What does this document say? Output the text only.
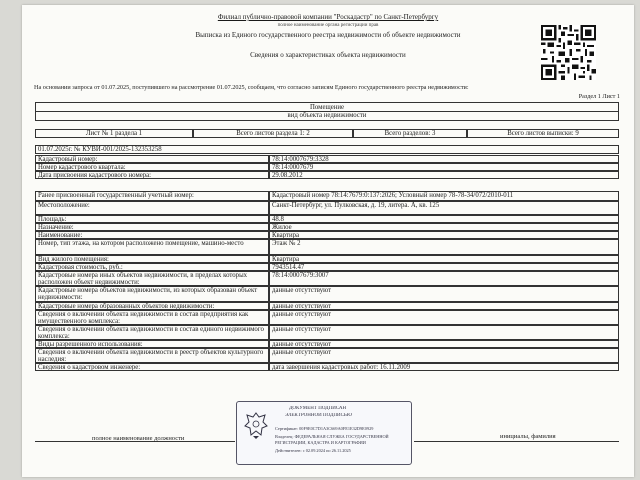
Филиал публично-правовой компании "Роскадастр" по Санкт-Петербургу
полное наименование органа регистрации прав
Выписка из Единого государственного реестра недвижимости об объекте недвижимости
Сведения о характеристиках объекта недвижимости
На основании запроса от 01.07.2025, поступившего на рассмотрение 01.07.2025, сообщаем, что согласно записям Единого государственного реестра недвижимости:
Раздел 1 Лист 1
Помещение
вид объекта недвижимости
Лист № 1 раздела 1	Всего листов раздела 1: 2	Всего разделов: 3	Всего листов выписки: 9
01.07.2025г. № КУВИ-001/2025-132353258
полное наименование должности	инициалы, фамилия
ДОКУМЕНТ ПОДПИСАН
ЭЛЕКТРОННОЙ ПОДПИСЬЮ
Сертификат: 00F9E0C7D1A3C669A0FE1E32D9E0929
Владелец: ФЕДЕРАЛЬНАЯ СЛУЖБА ГОСУДАРСТВЕННОЙ
РЕГИСТРАЦИИ, КАДАСТРА И КАРТОГРАФИИ
Действителен: с 02.09.2024 по 26.11.2025
Кадастровый номер:	78:14:0007679:3328
Номер кадастрового квартала:	78:14:0007679
Дата присвоения кадастрового номера:	29.08.2012
Ранее присвоенный государственный учетный номер:	Кадастровый номер 78:14:7679:0:137:2026; Условный номер 78-78-34/072/2010-011
Местоположение:	Санкт-Петербург, ул. Пулковская, д. 19, литера. А, кв. 125
Площадь:	48.8
Назначение:	Жилое
Наименование:	Квартира
Номер, тип этажа, на котором расположено помещение, машино-место	Этаж № 2
Вид жилого помещения:	Квартира
Кадастровая стоимость, руб.:	7943514.47
Кадастровые номера иных объектов недвижимости, в пределах которых расположен объект недвижимости:
78:14:0007679:3007
Кадастровые номера объектов недвижимости, из которых образован объект недвижимости:
данные отсутствуют
Кадастровые номера образованных объектов недвижимости:	данные отсутствуют
Сведения о включении объекта недвижимости в состав предприятия как имущественного комплекса:
данные отсутствуют
Сведения о включении объекта недвижимости в состав единого недвижимого комплекса:
данные отсутствуют
Виды разрешенного использования:	данные отсутствуют
Сведения о включении объекта недвижимости в реестр объектов культурного наследия:
данные отсутствуют
Сведения о кадастровом инженере:	дата завершения кадастровых работ: 16.11.2009
